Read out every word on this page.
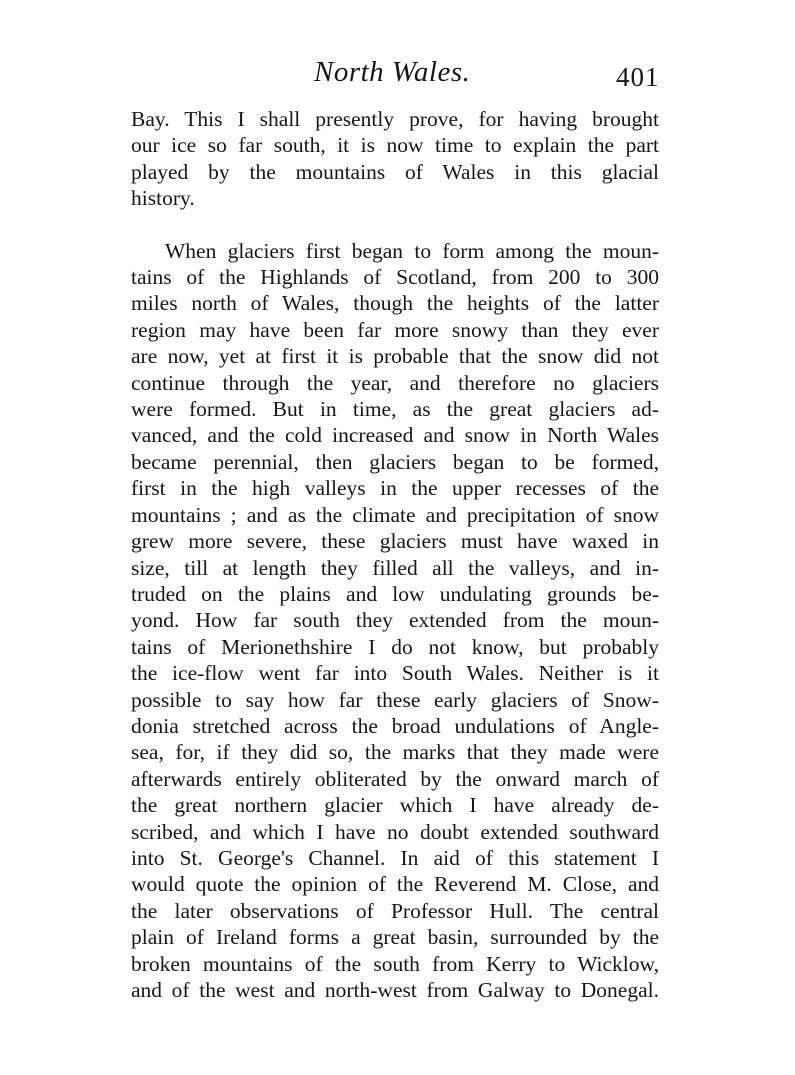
North Wales.	401
Bay. This I shall presently prove, for having brought
our ice so far south, it is now time to explain the part
played by the mountains of Wales in this glacial
history.
When glaciers first began to form among the moun-
tains of the Highlands of Scotland, from 200 to 300
miles north of Wales, though the heights of the latter
region may have been far more snowy than they ever
are now, yet at first it is probable that the snow did not
continue through the year, and therefore no glaciers
were formed. But in time, as the great glaciers ad-
vanced, and the cold increased and snow in North Wales
became perennial, then glaciers began to be formed,
first in the high valleys in the upper recesses of the
mountains ; and as the climate and precipitation of snow
grew more severe, these glaciers must have waxed in
size, till at length they filled all the valleys, and in-
truded on the plains and low undulating grounds be-
yond. How far south they extended from the moun-
tains of Merionethshire I do not know, but probably
the ice-flow went far into South Wales. Neither is it
possible to say how far these early glaciers of Snow-
donia stretched across the broad undulations of Angle-
sea, for, if they did so, the marks that they made were
afterwards entirely obliterated by the onward march of
the great northern glacier which I have already de-
scribed, and which I have no doubt extended southward
into St. George's Channel. In aid of this statement I
would quote the opinion of the Reverend M. Close, and
the later observations of Professor Hull. The central
plain of Ireland forms a great basin, surrounded by the
broken mountains of the south from Kerry to Wicklow,
and of the west and north-west from Galway to Donegal.
